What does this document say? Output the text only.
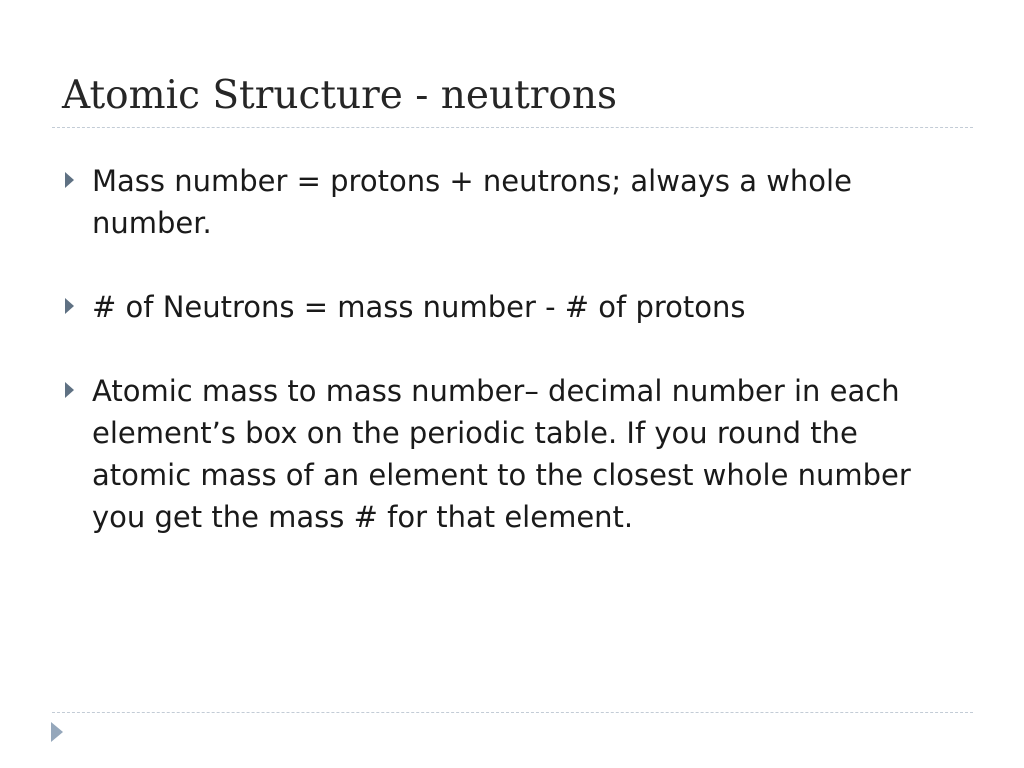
Atomic Structure - neutrons
Mass number = protons + neutrons; always a whole number.
# of Neutrons = mass number - # of protons
Atomic mass to mass number– decimal number in each element’s box on the periodic table. If you round the atomic mass of an element to the closest whole number you get the mass # for that element.
